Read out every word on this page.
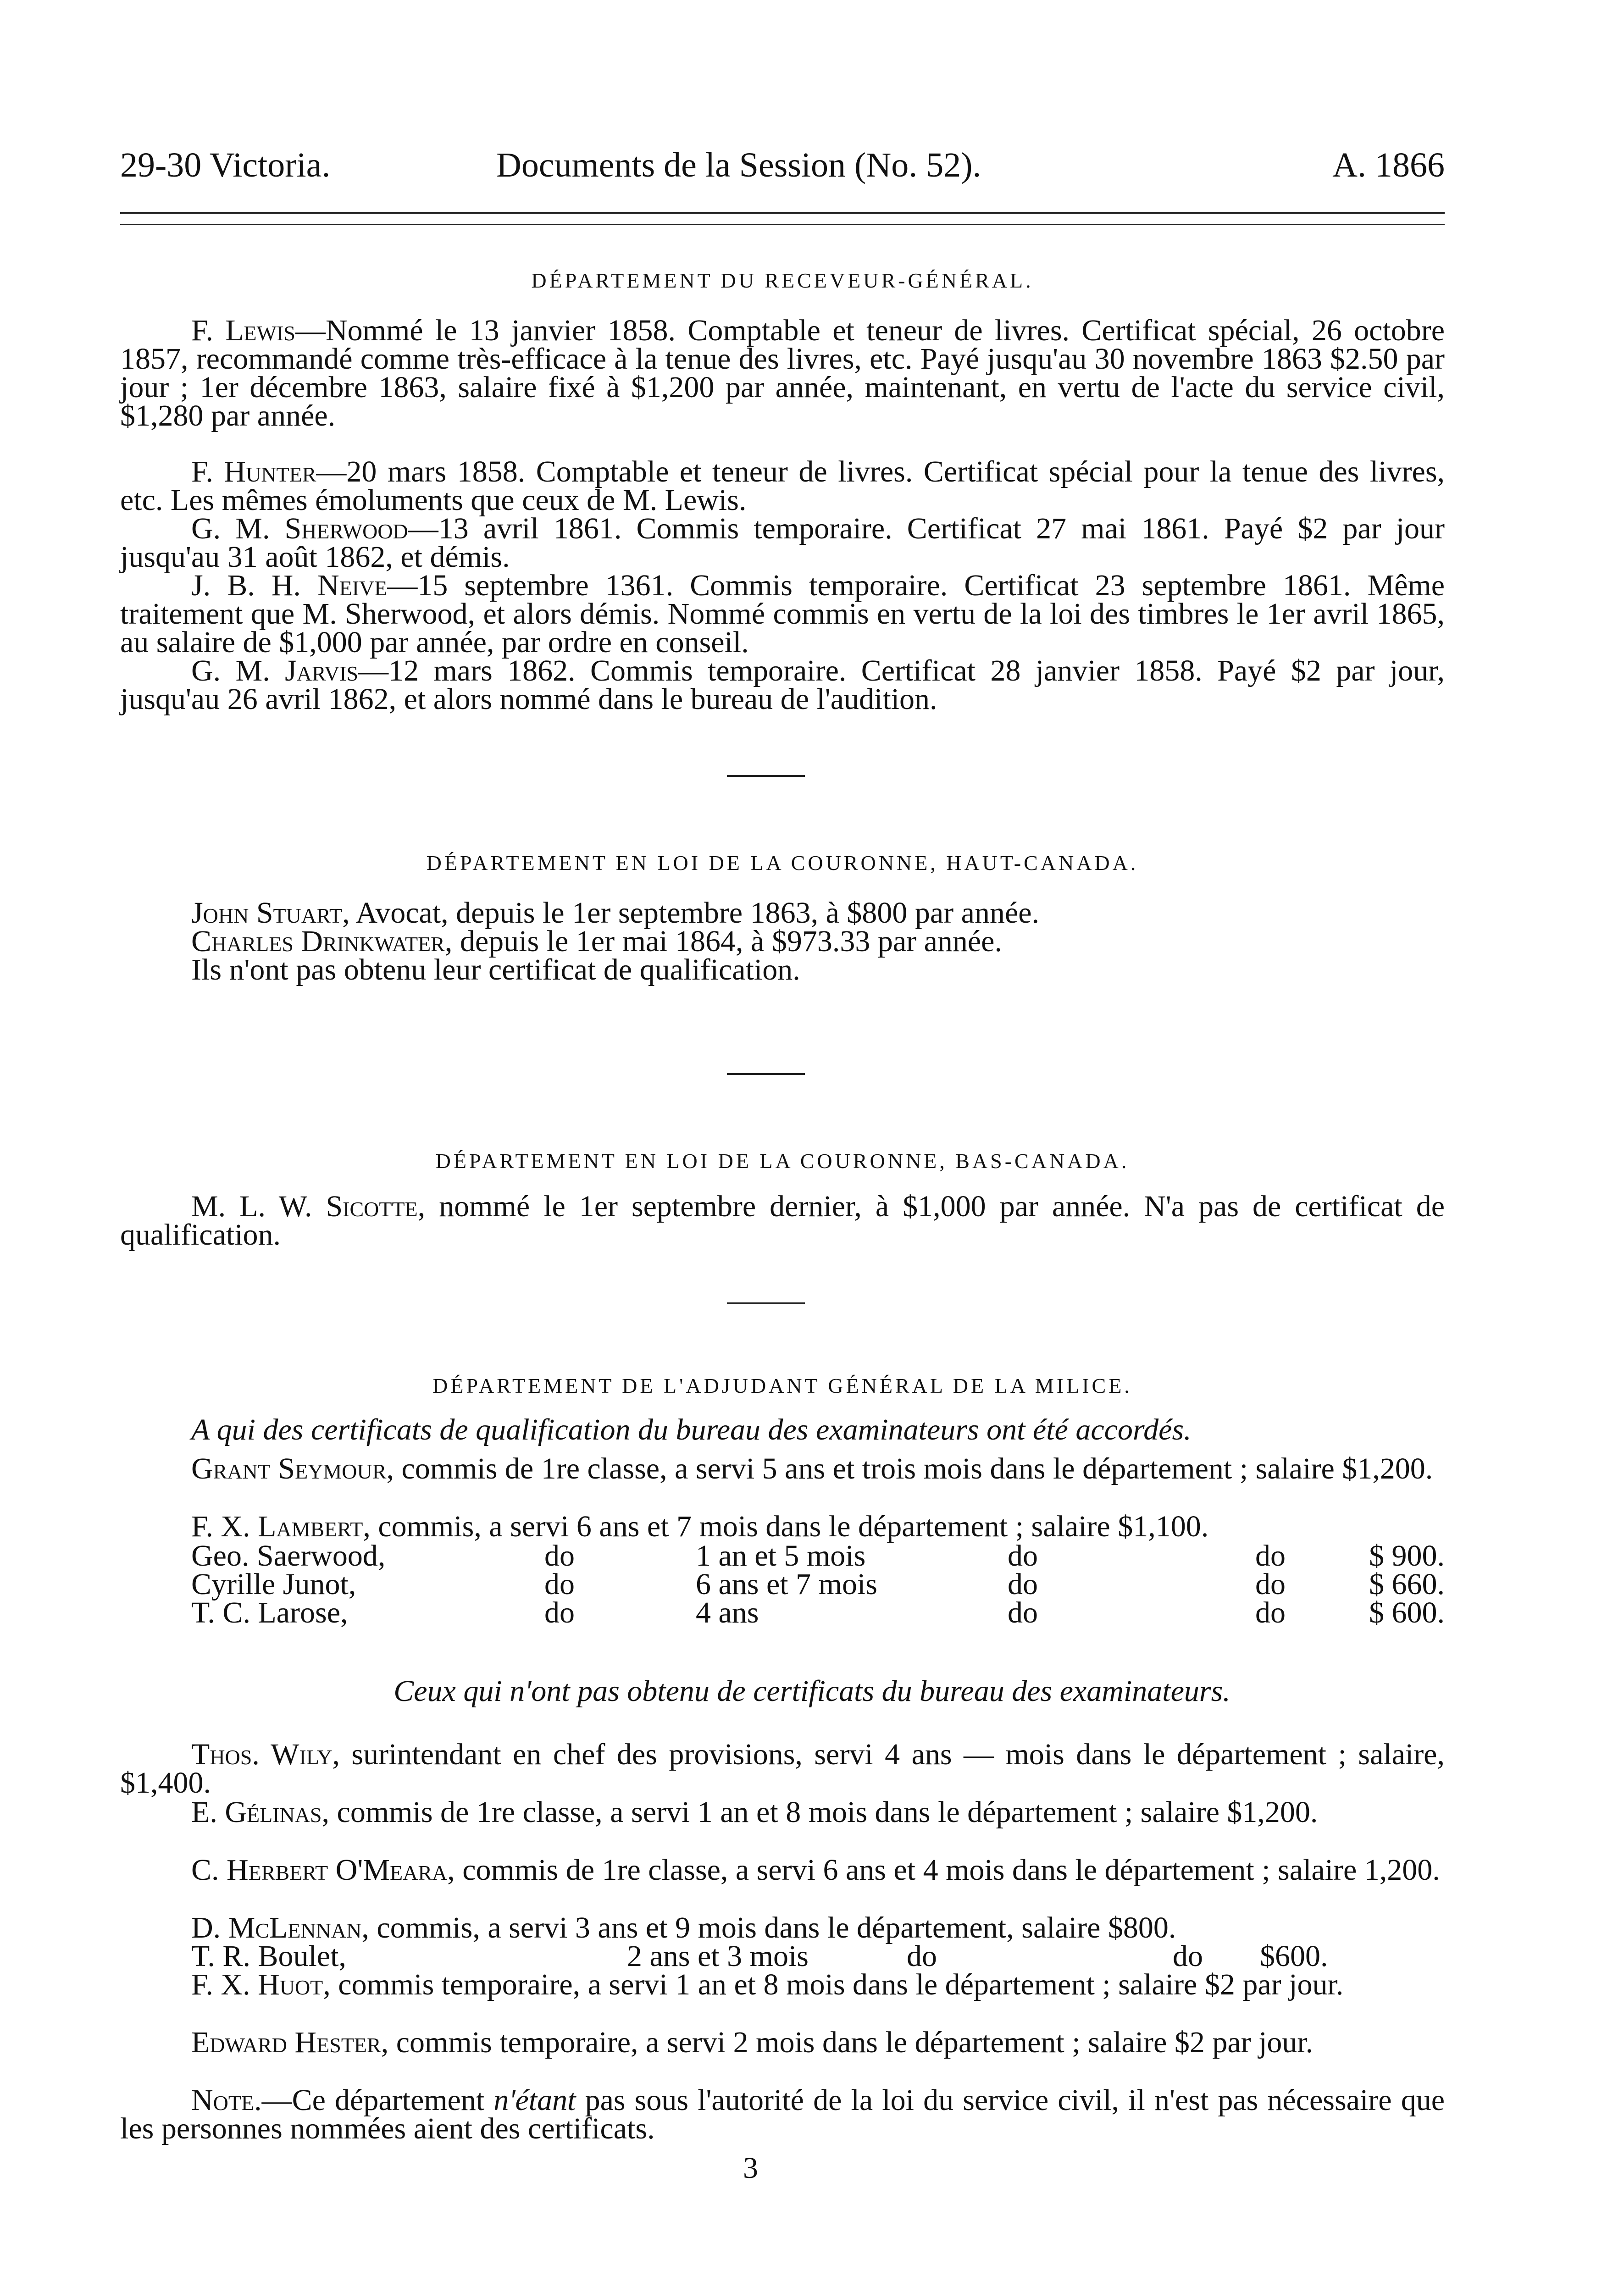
29-30 Victoria.	Documents de la Session (No. 52).	A. 1866
DÉPARTEMENT DU RECEVEUR-GÉNÉRAL.
F. Lewis—Nommé le 13 janvier 1858. Comptable et teneur de livres. Certificat spécial, 26 octobre 1857, recommandé comme très-efficace à la tenue des livres, etc. Payé jusqu'au 30 novembre 1863 $2.50 par jour ; 1er décembre 1863, salaire fixé à $1,200 par année, maintenant, en vertu de l'acte du service civil, $1,280 par année.
F. Hunter—20 mars 1858. Comptable et teneur de livres. Certificat spécial pour la tenue des livres, etc. Les mêmes émoluments que ceux de M. Lewis.
G. M. Sherwood—13 avril 1861. Commis temporaire. Certificat 27 mai 1861. Payé $2 par jour jusqu'au 31 août 1862, et démis.
J. B. H. Neive—15 septembre 1361. Commis temporaire. Certificat 23 septembre 1861. Même traitement que M. Sherwood, et alors démis. Nommé commis en vertu de la loi des timbres le 1er avril 1865, au salaire de $1,000 par année, par ordre en conseil.
G. M. Jarvis—12 mars 1862. Commis temporaire. Certificat 28 janvier 1858. Payé $2 par jour, jusqu'au 26 avril 1862, et alors nommé dans le bureau de l'audition.
DÉPARTEMENT EN LOI DE LA COURONNE, HAUT-CANADA.
John Stuart, Avocat, depuis le 1er septembre 1863, à $800 par année.
Charles Drinkwater, depuis le 1er mai 1864, à $973.33 par année.
Ils n'ont pas obtenu leur certificat de qualification.
DÉPARTEMENT EN LOI DE LA COURONNE, BAS-CANADA.
M. L. W. Sicotte, nommé le 1er septembre dernier, à $1,000 par année. N'a pas de certificat de qualification.
DÉPARTEMENT DE L'ADJUDANT GÉNÉRAL DE LA MILICE.
A qui des certificats de qualification du bureau des examinateurs ont été accordés.
Grant Seymour, commis de 1re classe, a servi 5 ans et trois mois dans le département ; salaire $1,200.
F. X. Lambert, commis, a servi 6 ans et 7 mois dans le département ; salaire $1,100.
Geo. Saerwood,	do	1 an et 5 mois	do	do	$ 900.
Cyrille Junot,	do	6 ans et 7 mois	do	do	$ 660.
T. C. Larose,	do	4 ans	do	do	$ 600.
Ceux qui n'ont pas obtenu de certificats du bureau des examinateurs.
Thos. Wily, surintendant en chef des provisions, servi 4 ans — mois dans le département ; salaire, $1,400.
E. Gélinas, commis de 1re classe, a servi 1 an et 8 mois dans le département ; salaire $1,200.
C. Herbert O'Meara, commis de 1re classe, a servi 6 ans et 4 mois dans le département ; salaire 1,200.
D. McLennan, commis, a servi 3 ans et 9 mois dans le département, salaire $800.
T. R. Boulet,	2 ans et 3 mois	do	do $600.
F. X. Huot, commis temporaire, a servi 1 an et 8 mois dans le département ; salaire $2 par jour.
Edward Hester, commis temporaire, a servi 2 mois dans le département ; salaire $2 par jour.
Note.—Ce département n'étant pas sous l'autorité de la loi du service civil, il n'est pas nécessaire que les personnes nommées aient des certificats.
3
